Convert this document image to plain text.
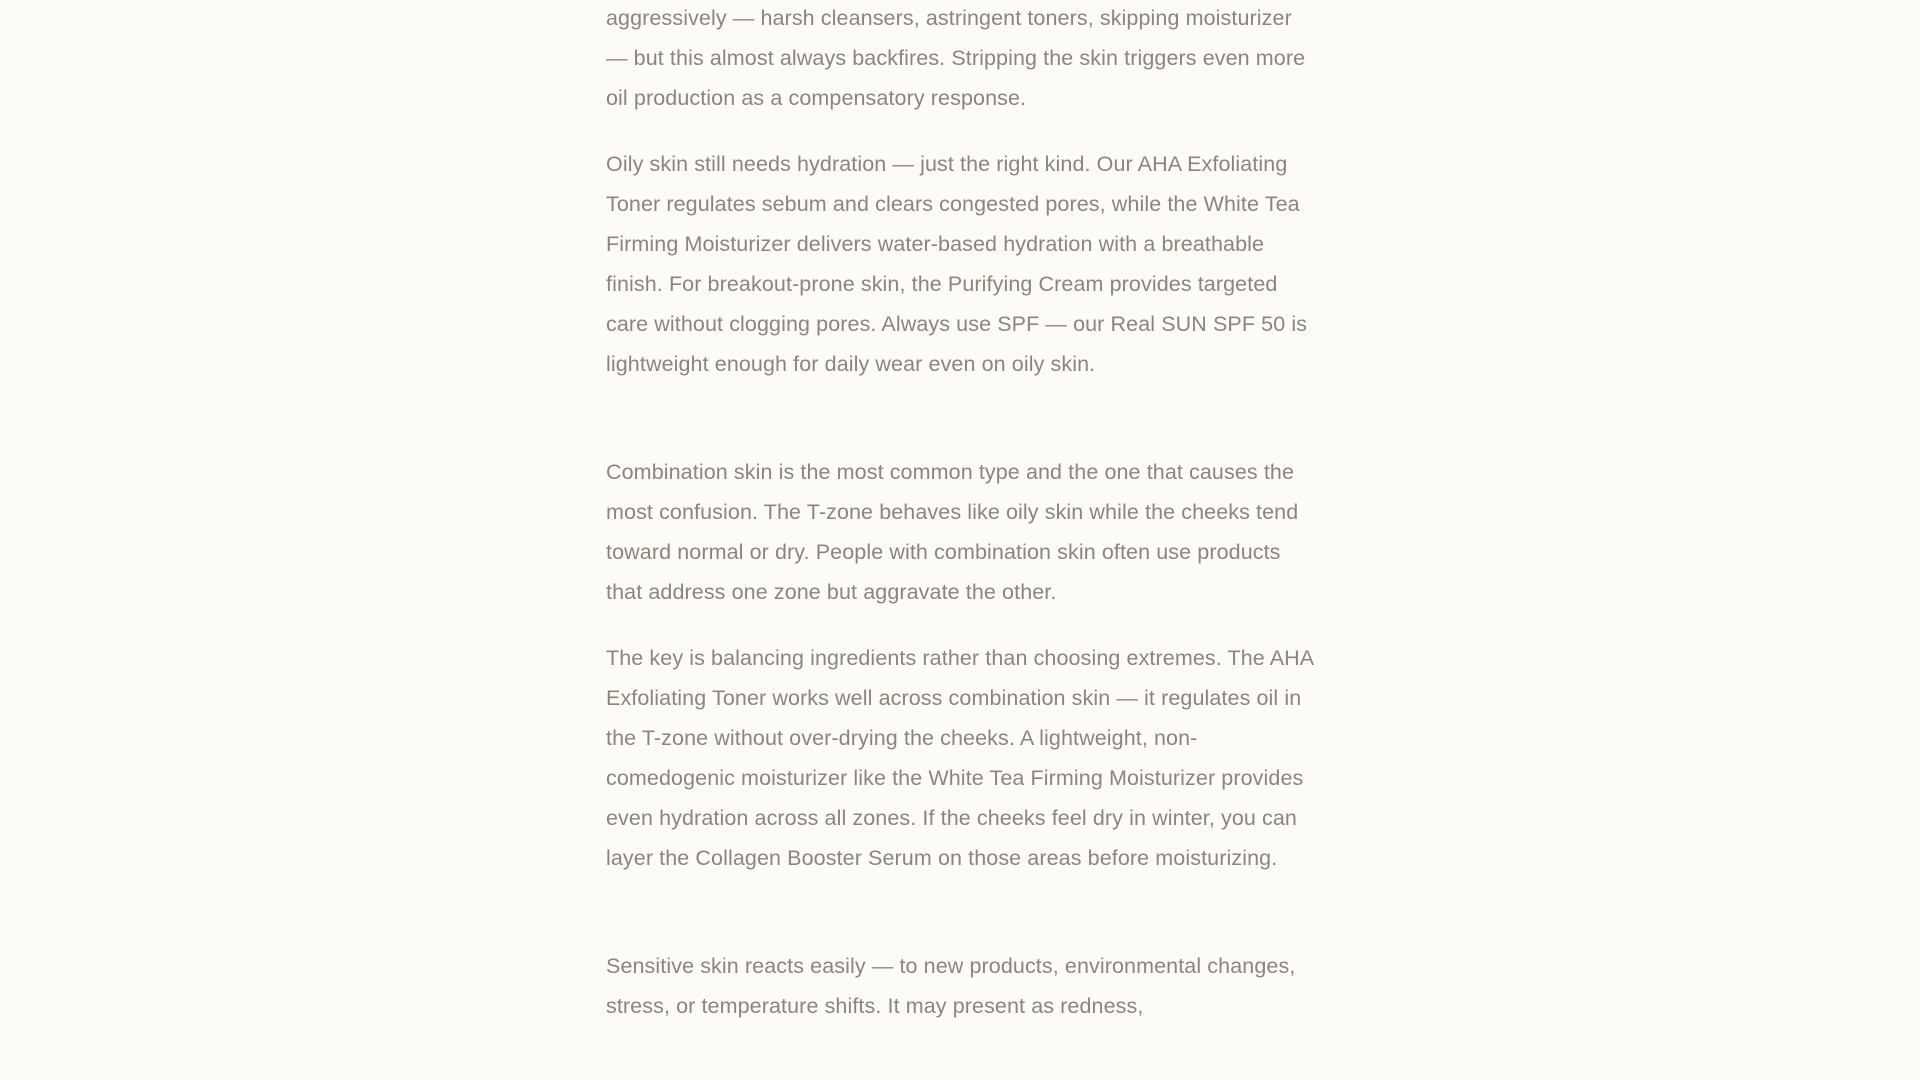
aggressively — harsh cleansers, astringent toners, skipping moisturizer — but this almost always backfires. Stripping the skin triggers even more oil production as a compensatory response.

Oily skin still needs hydration — just the right kind. Our AHA Exfoliating Toner regulates sebum and clears congested pores, while the White Tea Firming Moisturizer delivers water-based hydration with a breathable finish. For breakout-prone skin, the Purifying Cream provides targeted care without clogging pores. Always use SPF — our Real SUN SPF 50 is lightweight enough for daily wear even on oily skin.

Combination skin is the most common type and the one that causes the most confusion. The T-zone behaves like oily skin while the cheeks tend toward normal or dry. People with combination skin often use products that address one zone but aggravate the other.

The key is balancing ingredients rather than choosing extremes. The AHA Exfoliating Toner works well across combination skin — it regulates oil in the T-zone without over-drying the cheeks. A lightweight, non-comedogenic moisturizer like the White Tea Firming Moisturizer provides even hydration across all zones. If the cheeks feel dry in winter, you can layer the Collagen Booster Serum on those areas before moisturizing.

Sensitive skin reacts easily — to new products, environmental changes, stress, or temperature shifts. It may present as redness,
